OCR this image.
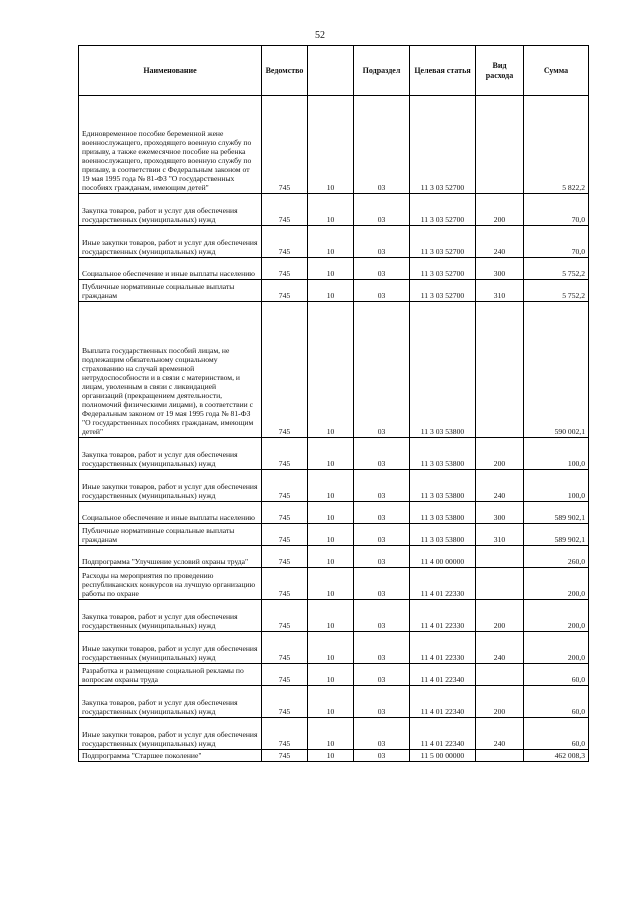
52
Наименование	Ведомство		Подраздел	Целевая статья	Вид расхода	Сумма
Единовременное пособие беременной жене военнослужащего, проходящего военную службу по призыву, а также ежемесячное пособие на ребенка военнослужащего, проходящего военную службу по призыву, в соответствии с Федеральным законом от 19 мая 1995 года № 81-ФЗ "О государственных пособиях гражданам, имеющим детей"	745	10	03	11 3 03 52700		5 822,2
Закупка товаров, работ и услуг для обеспечения государственных (муниципальных) нужд	745	10	03	11 3 03 52700	200	70,0
Иные закупки товаров, работ и услуг для обеспечения государственных (муниципальных) нужд	745	10	03	11 3 03 52700	240	70,0
Социальное обеспечение и иные выплаты населению	745	10	03	11 3 03 52700	300	5 752,2
Публичные нормативные социальные выплаты гражданам	745	10	03	11 3 03 52700	310	5 752,2
Выплата государственных пособий лицам, не подлежащим обязательному социальному страхованию на случай временной нетрудоспособности и в связи с материнством, и лицам, уволенным в связи с ликвидацией организаций (прекращением деятельности, полномочий физическими лицами), в соответствии с Федеральным законом от 19 мая 1995 года № 81-ФЗ "О государственных пособиях гражданам, имеющим детей"	745	10	03	11 3 03 53800		590 002,1
Закупка товаров, работ и услуг для обеспечения государственных (муниципальных) нужд	745	10	03	11 3 03 53800	200	100,0
Иные закупки товаров, работ и услуг для обеспечения государственных (муниципальных) нужд	745	10	03	11 3 03 53800	240	100,0
Социальное обеспечение и иные выплаты населению	745	10	03	11 3 03 53800	300	589 902,1
Публичные нормативные социальные выплаты гражданам	745	10	03	11 3 03 53800	310	589 902,1
Подпрограмма "Улучшение условий охраны труда"	745	10	03	11 4 00 00000		260,0
Расходы на мероприятия по проведению республиканских конкурсов на лучшую организацию работы по охране	745	10	03	11 4 01 22330		200,0
Закупка товаров, работ и услуг для обеспечения государственных (муниципальных) нужд	745	10	03	11 4 01 22330	200	200,0
Иные закупки товаров, работ и услуг для обеспечения государственных (муниципальных) нужд	745	10	03	11 4 01 22330	240	200,0
Разработка и размещение социальной рекламы по вопросам охраны труда	745	10	03	11 4 01 22340		60,0
Закупка товаров, работ и услуг для обеспечения государственных (муниципальных) нужд	745	10	03	11 4 01 22340	200	60,0
Иные закупки товаров, работ и услуг для обеспечения государственных (муниципальных) нужд	745	10	03	11 4 01 22340	240	60,0
Подпрограмма "Старшее поколение"	745	10	03	11 5 00 00000		462 008,3
